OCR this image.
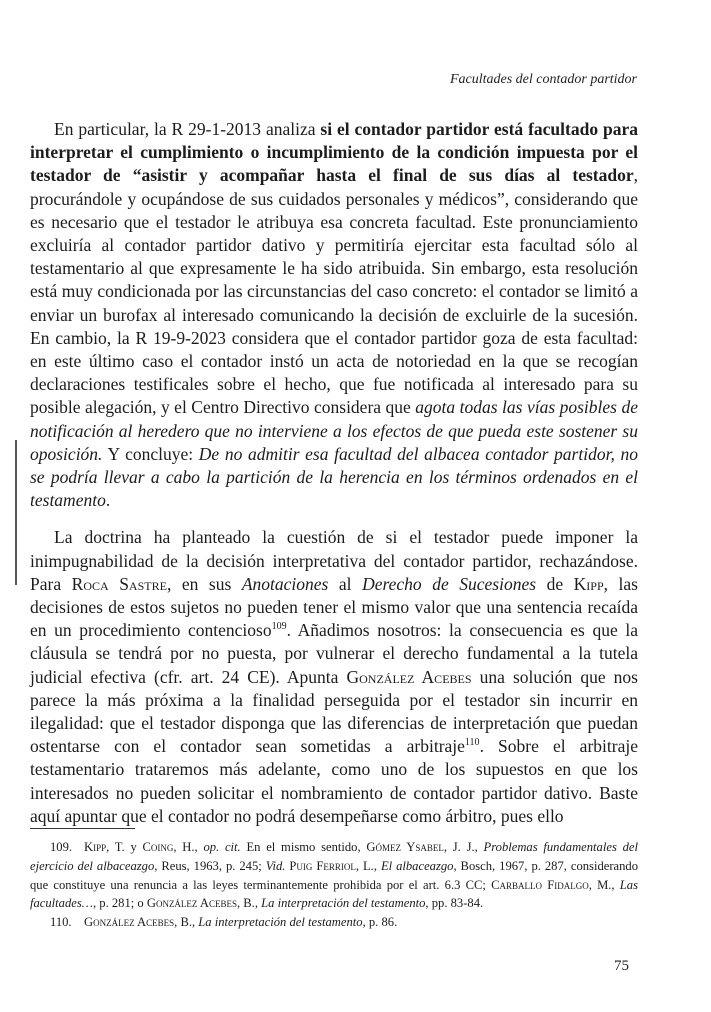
Facultades del contador partidor

En particular, la R 29-1-2013 analiza si el contador partidor está facultado para interpretar el cumplimiento o incumplimiento de la condición impuesta por el testador de “asistir y acompañar hasta el final de sus días al testador, procurándole y ocupándose de sus cuidados personales y médicos”, considerando que es necesario que el testador le atribuya esa concreta facultad. Este pronunciamiento excluiría al contador partidor dativo y permitiría ejercitar esta facultad sólo al testamentario al que expresamente le ha sido atribuida. Sin embargo, esta resolución está muy condicionada por las circunstancias del caso concreto: el contador se limitó a enviar un burofax al interesado comunicando la decisión de excluirle de la sucesión. En cambio, la R 19-9-2023 considera que el contador partidor goza de esta facultad: en este último caso el contador instó un acta de notoriedad en la que se recogían declaraciones testificales sobre el hecho, que fue notificada al interesado para su posible alegación, y el Centro Directivo considera que agota todas las vías posibles de notificación al heredero que no interviene a los efectos de que pueda este sostener su oposición. Y concluye: De no admitir esa facultad del albacea contador partidor, no se podría llevar a cabo la partición de la herencia en los términos ordenados en el testamento.

La doctrina ha planteado la cuestión de si el testador puede imponer la inimpugnabilidad de la decisión interpretativa del contador partidor, rechazándose. Para Roca Sastre, en sus Anotaciones al Derecho de Sucesiones de Kipp, las decisiones de estos sujetos no pueden tener el mismo valor que una sentencia recaída en un procedimiento contencioso$^{109}$. Añadimos nosotros: la consecuencia es que la cláusula se tendrá por no puesta, por vulnerar el derecho fundamental a la tutela judicial efectiva (cfr. art. 24 CE). Apunta González Acebes una solución que nos parece la más próxima a la finalidad perseguida por el testador sin incurrir en ilegalidad: que el testador disponga que las diferencias de interpretación que puedan ostentarse con el contador sean sometidas a arbitraje$^{110}$. Sobre el arbitraje testamentario trataremos más adelante, como uno de los supuestos en que los interesados no pueden solicitar el nombramiento de contador partidor dativo. Baste aquí apuntar que el contador no podrá desempeñarse como árbitro, pues ello

109. Kipp, T. y Coing, H., op. cit. En el mismo sentido, Gómez Ysabel, J. J., Problemas fundamentales del ejercicio del albaceazgo, Reus, 1963, p. 245; Vid. Puig Ferriol, L., El albaceazgo, Bosch, 1967, p. 287, considerando que constituye una renuncia a las leyes terminantemente prohibida por el art. 6.3 CC; Carballo Fidalgo, M., Las facultades…, p. 281; o González Acebes, B., La interpretación del testamento, pp. 83-84.

110. González Acebes, B., La interpretación del testamento, p. 86.

75
